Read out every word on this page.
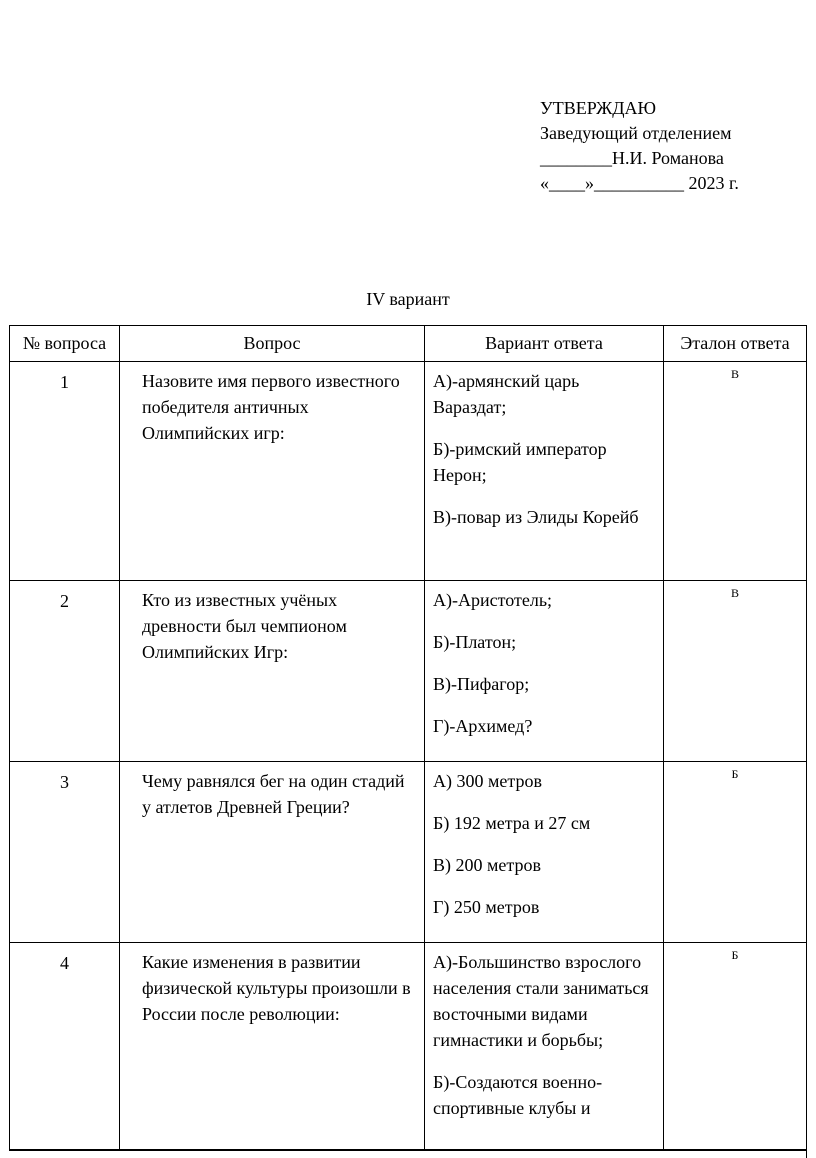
УТВЕРЖДАЮ
Заведующий отделением
________Н.И. Романова
«____»__________ 2023 г.
IV вариант
№ вопроса	Вопрос	Вариант ответа	Эталон ответа
1	Назовите имя первого известного победителя античных Олимпийских игр:	А)-армянский царь Вараздат;

Б)-римский император Нерон;

В)-повар из Элиды Корейб	В
2	Кто из известных учёных древности был чемпионом Олимпийских Игр:	А)-Аристотель;

Б)-Платон;

В)-Пифагор;

Г)-Архимед?	В
3	Чему равнялся бег на один стадий у атлетов Древней Греции?	А) 300 метров

Б) 192 метра и 27 см

В) 200 метров

Г) 250 метров	Б
4	Какие изменения в развитии физической культуры произошли в России после революции:	А)-Большинство взрослого населения стали заниматься восточными видами гимнастики и борьбы;

Б)-Создаются военно-спортивные клубы и	Б
